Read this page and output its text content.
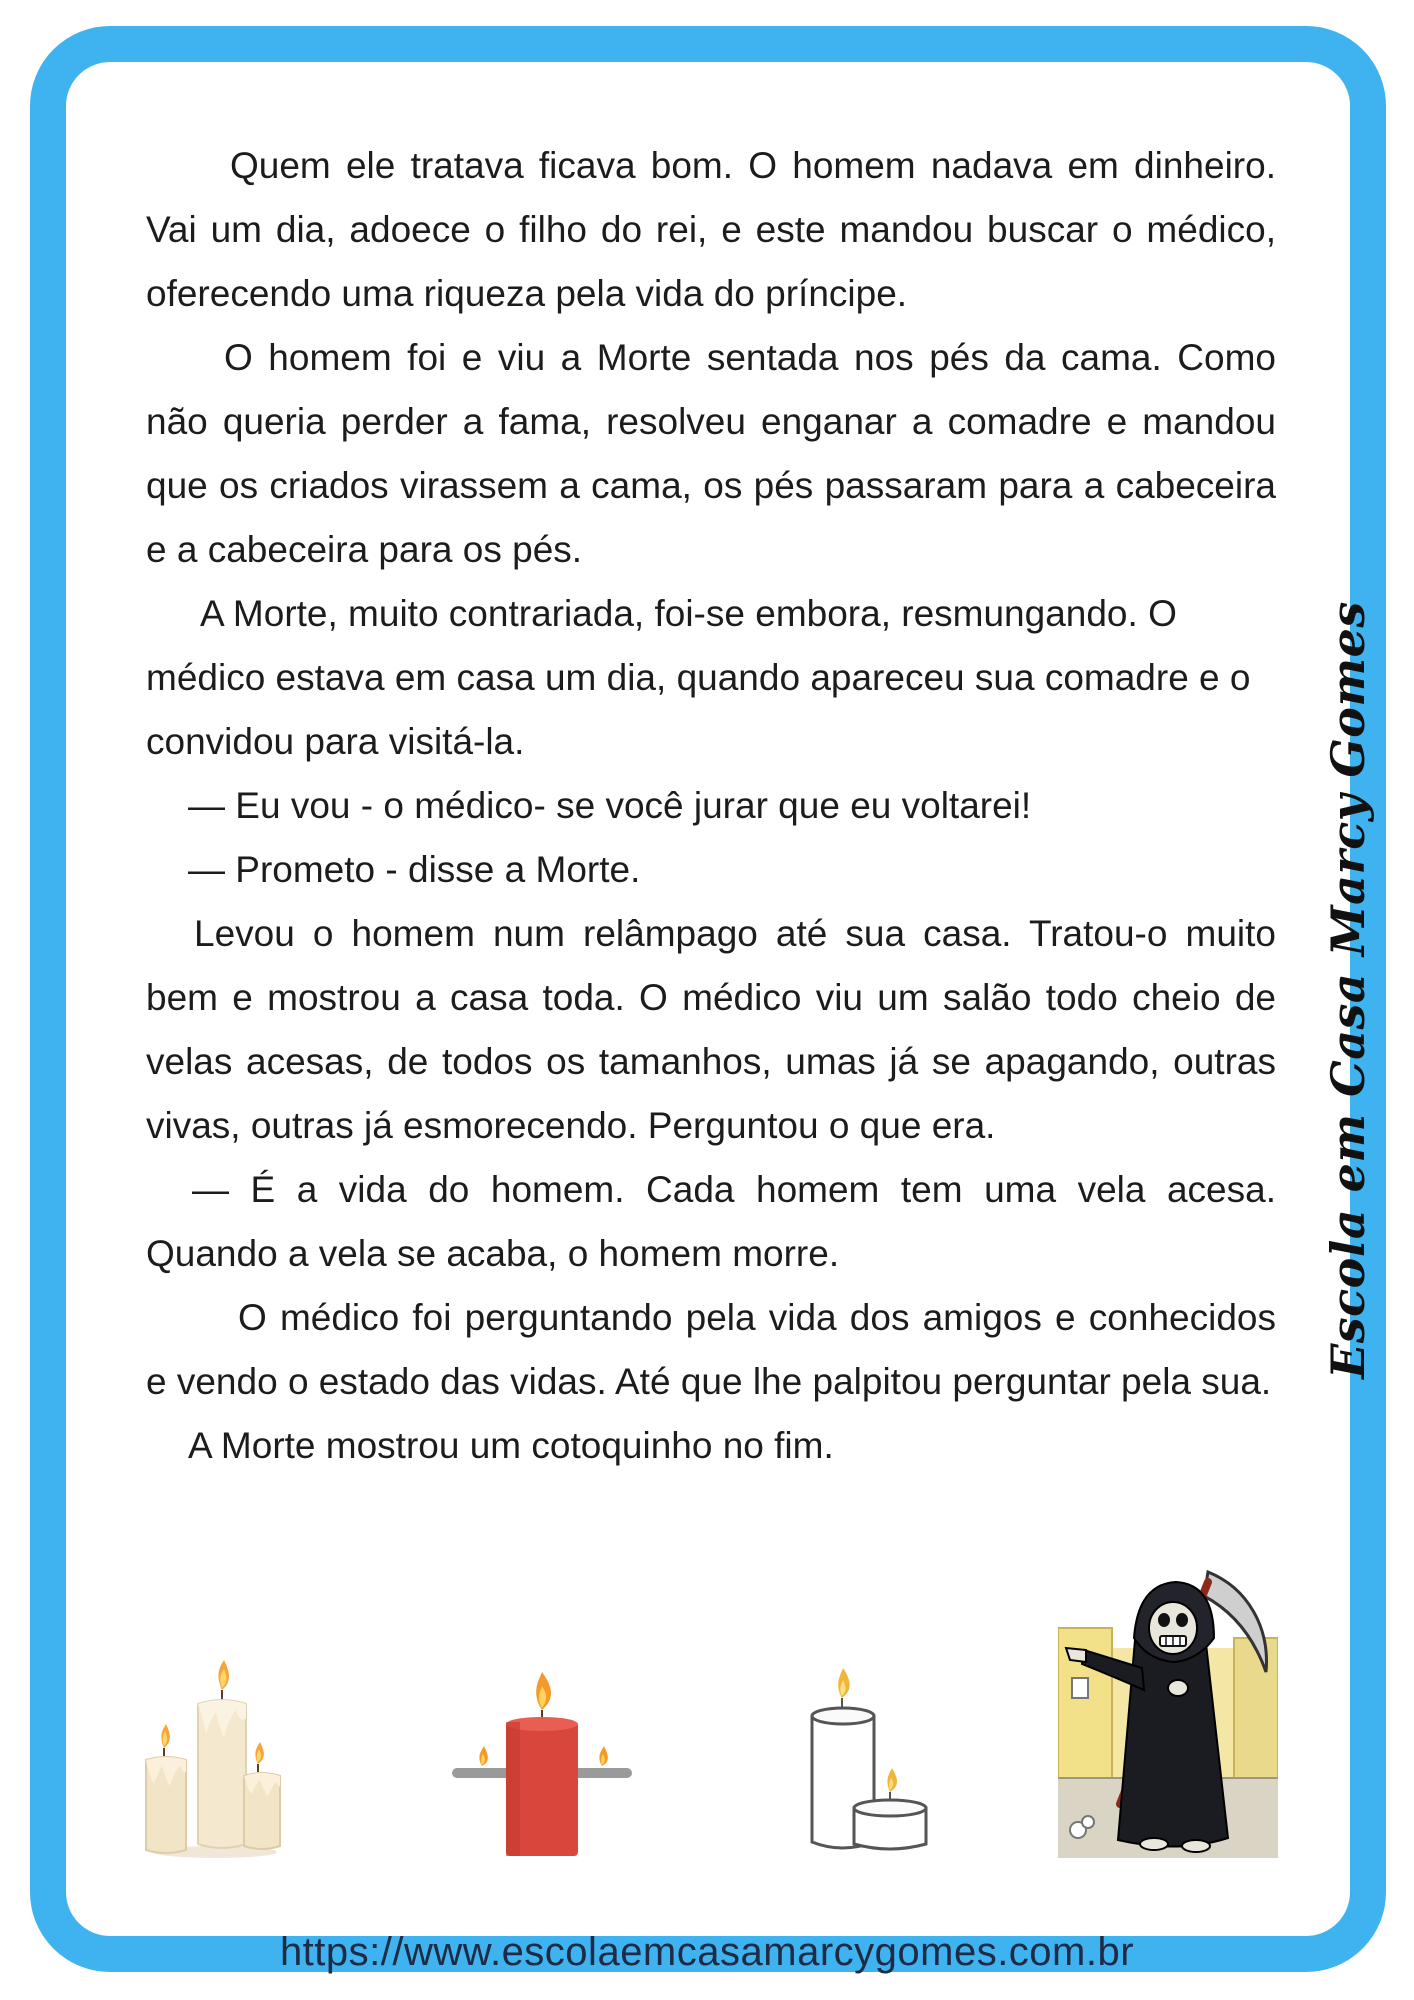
Quem ele tratava ficava bom. O homem nadava em dinheiro. Vai um dia, adoece o filho do rei, e este mandou buscar o médico, oferecendo uma riqueza pela vida do príncipe.

O homem foi e viu a Morte sentada nos pés da cama. Como não queria perder a fama, resolveu enganar a comadre e mandou que os criados virassem a cama, os pés passaram para a cabeceira e a cabeceira para os pés.

A Morte, muito contrariada, foi-se embora, resmungando. O médico estava em casa um dia, quando apareceu sua comadre e o convidou para visitá-la.

— Eu vou - o médico- se você jurar que eu voltarei!

— Prometo - disse a Morte.

Levou o homem num relâmpago até sua casa. Tratou-o muito bem e mostrou a casa toda. O médico viu um salão todo cheio de velas acesas, de todos os tamanhos, umas já se apagando, outras vivas, outras já esmorecendo. Perguntou o que era.

— É a vida do homem. Cada homem tem uma vela acesa. Quando a vela se acaba, o homem morre.

O médico foi perguntando pela vida dos amigos e conhecidos e vendo o estado das vidas. Até que lhe palpitou perguntar pela sua.

A Morte mostrou um cotoquinho no fim.

Escola em Casa Marcy Gomes
https://www.escolaemcasamarcygomes.com.br
